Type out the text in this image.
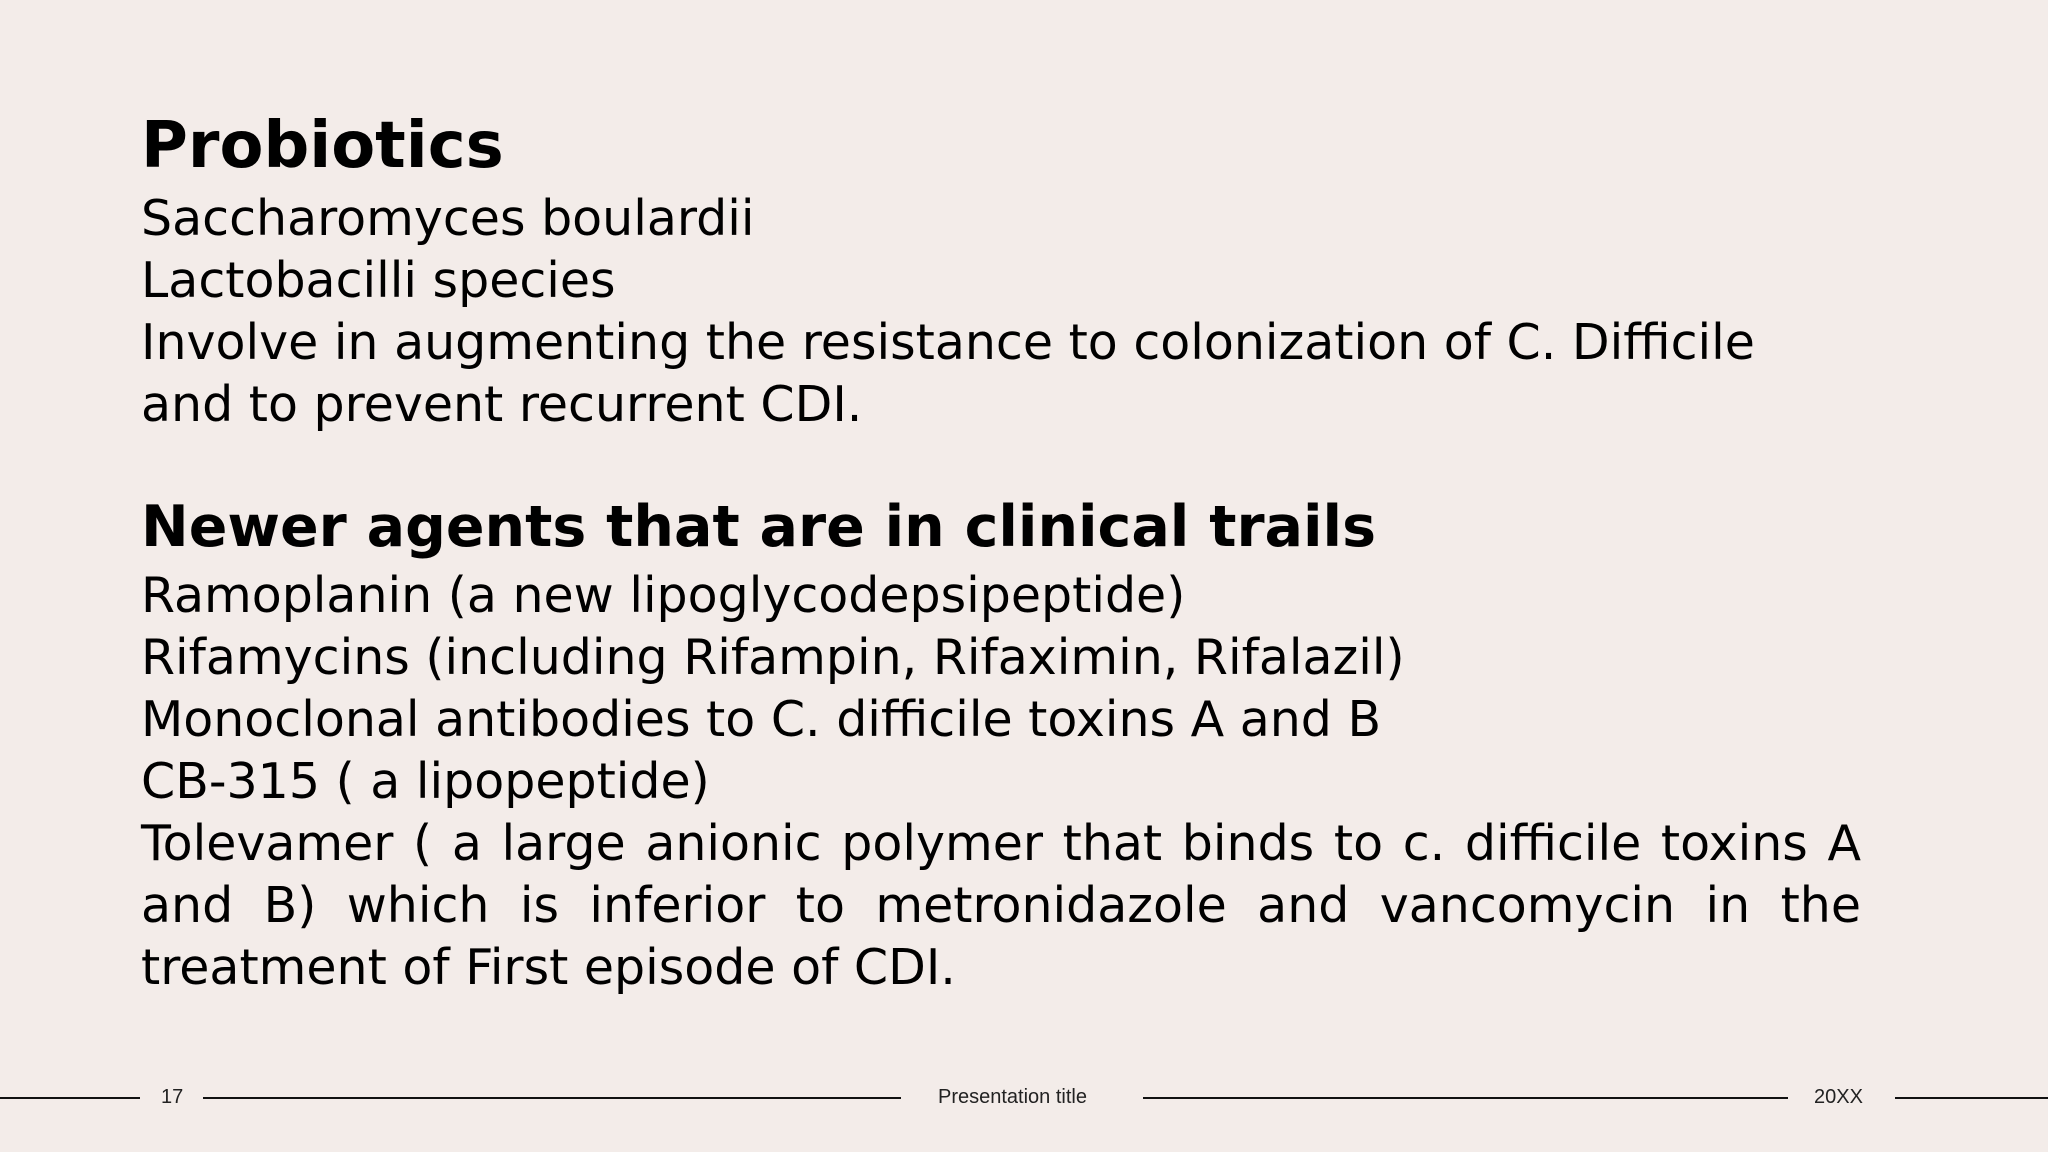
Probiotics

Saccharomyces boulardii

Lactobacilli species

Involve in augmenting the resistance to colonization of C. Difficile and to prevent recurrent CDI.

Newer agents that are in clinical trails

Ramoplanin (a new lipoglycodepsipeptide)

Rifamycins (including Rifampin, Rifaximin, Rifalazil)

Monoclonal antibodies to C. difficile toxins A and B

CB-315 ( a lipopeptide)

Tolevamer ( a large anionic polymer that binds to c. difficile toxins A and B) which is inferior to metronidazole and vancomycin in the treatment of First episode of CDI.

17	Presentation title	20XX
